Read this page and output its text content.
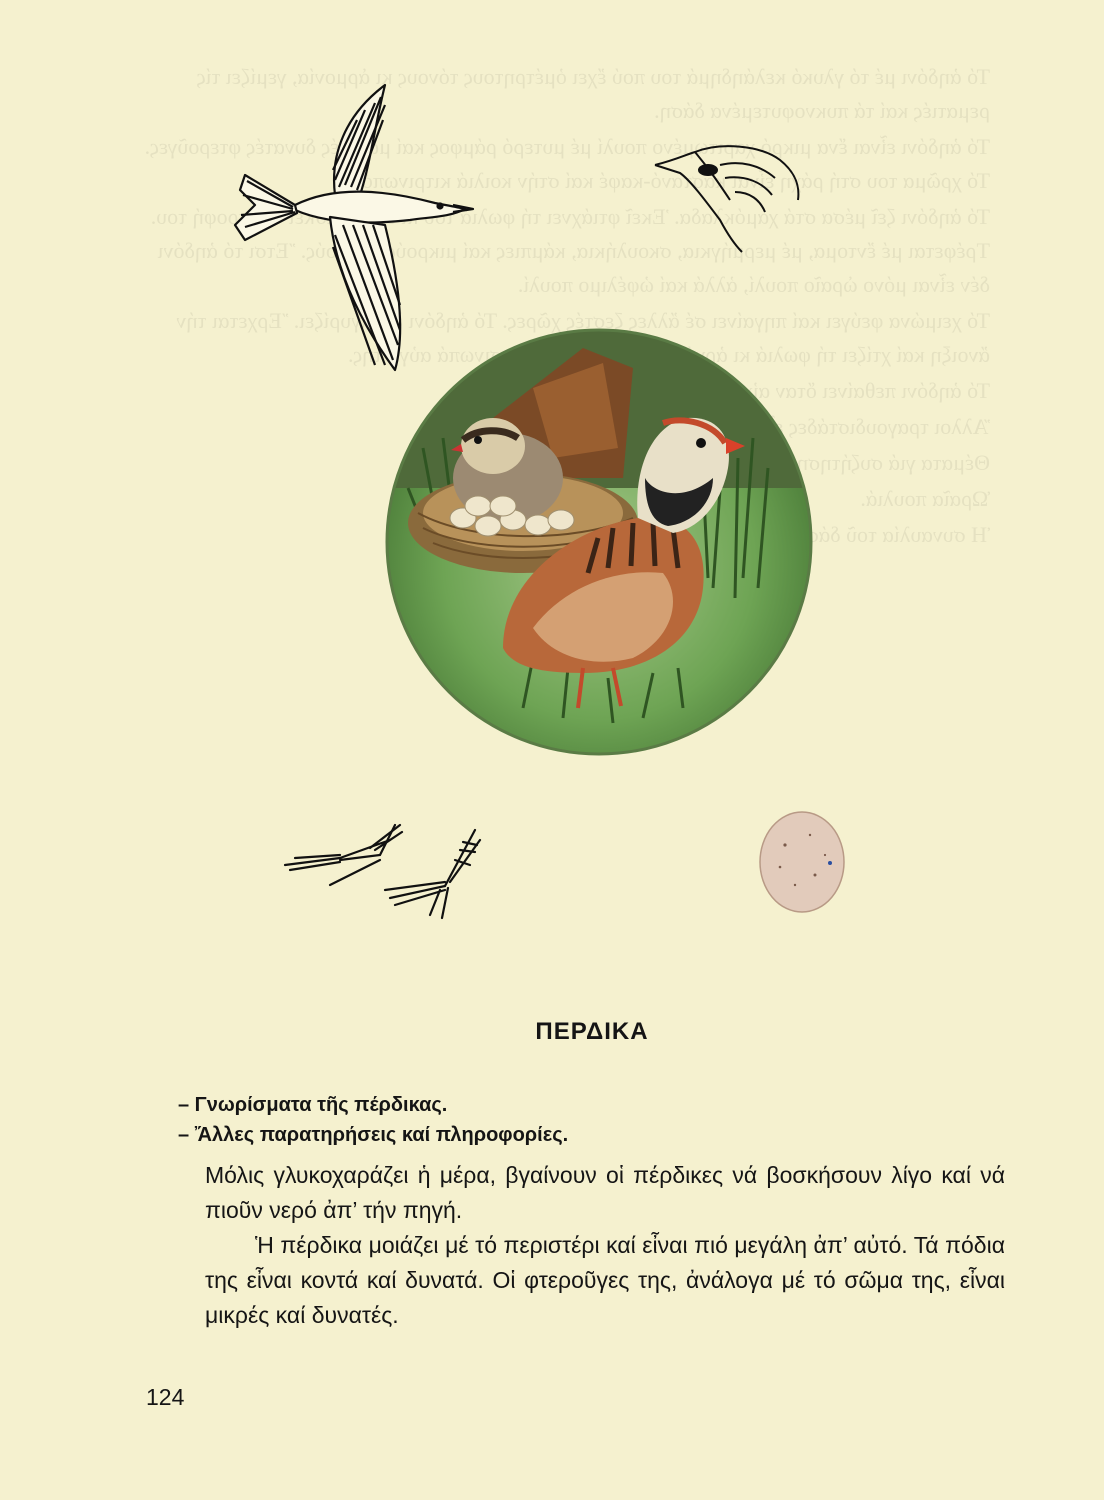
Τό ἀηδόνι μέ τό γλυκό κελάηδημά του πού ἔχει ὀμέτρητους τόνους κι ἁρμονία, γεμίζει τίς ρεματιές καί τά πυκνοφυτεμένα δάση.

Τό ἀηδόνι εἶναι ἕνα μικρό χαριτωμένο πουλί μέ μυτερό ράμφος καί μακριές δυνατές φτεροῦγες. Τό χρῶμα του στή ράχη εἶναι καστανό-καφέ καί στήν κοιλιά κιτρινωπό.

Τό ἀηδόνι ζεῖ μέσα στά χαμόκλαδα. Ἐκεῖ φτιάχνει τή φωλιά του κι ἐκεῖ βρίσκει τήν τροφή του. Τρέφεται μέ ἔντομα, μέ μερμήγκια, σκουλήκια, κάμπιες καί μικρούς καρπούς. Ἔτσι τό ἀηδόνι δέν εἶναι μόνο ὡραῖο πουλί, ἀλλά καί ὠφέλιμο πουλί.

Τό χειμώνα φεύγει καί πηγαίνει σέ ἄλλες ζεστές χῶρες. Τό ἀηδόνι ξαναγυρίζει. Ἔρχεται τήν ἄνοιξη καί χτίζει τή φωλιά κι πρασινωπά αὐγά της.

Τό ἀηδόνι πεθαίνει ὅταν αἰχμαλωτιστεῖ.

Ἄλλοι τραγουδιστάδες

Θέματα γιά συζήτηση:

Ὡραῖα πουλιά.

Ἡ συναυλία τοῦ δάσους.

ΠΕΡΔΙΚΑ
– Γνωρίσματα τῆς πέρδικας.
– Ἄλλες παρατηρήσεις καί πληροφορίες.

Μόλις γλυκοχαράζει ἡ μέρα, βγαίνουν οἱ πέρδικες νά βοσκήσουν λίγο καί νά πιοῦν νερό ἀπ’ τήν πηγή.

Ἡ πέρδικα μοιάζει μέ τό περιστέρι καί εἶναι πιό μεγάλη ἀπ’ αὐτό. Τά πόδια της εἶναι κοντά καί δυνατά. Οἱ φτεροῦγες της, ἀνάλογα μέ τό σῶμα της, εἶναι μικρές καί δυνατές.

124
